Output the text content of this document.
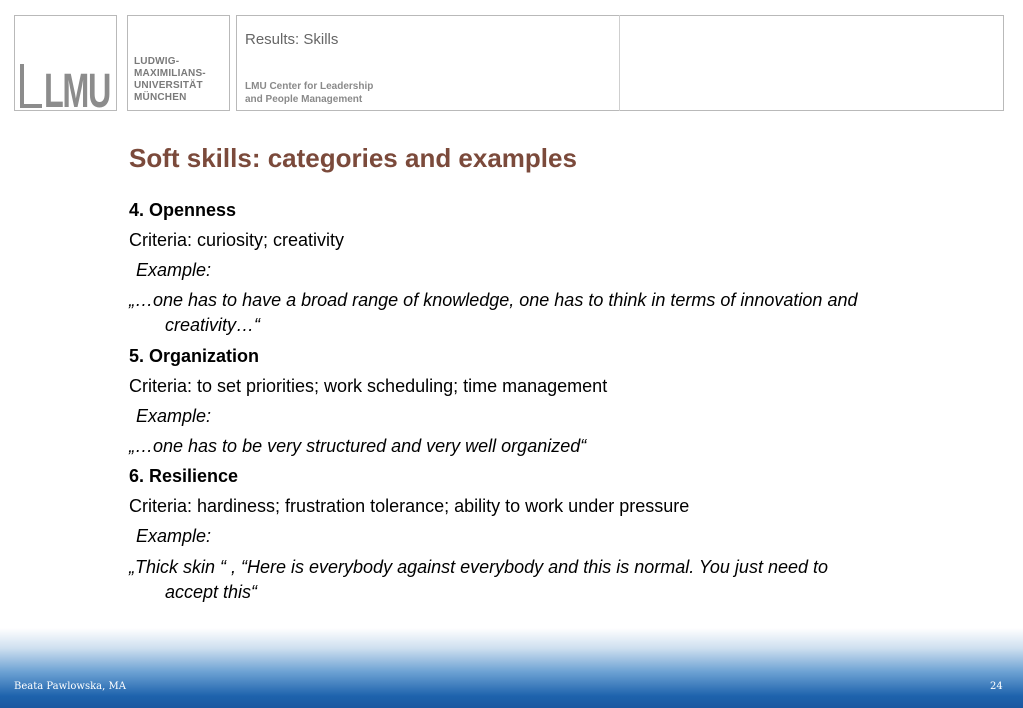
LMU
LUDWIG-
MAXIMILIANS-
UNIVERSITÄT
MÜNCHEN
Results: Skills
LMU Center for Leadership
and People Management
Soft skills: categories and examples
4. Openness
Criteria: curiosity; creativity
Example:
„…one has to have a broad range of knowledge, one has to think in terms of innovation and
creativity…“
5. Organization
Criteria: to set priorities; work scheduling; time management
Example:
„…one has to be very structured and very well organized“
6. Resilience
Criteria: hardiness; frustration tolerance; ability to work under pressure
Example:
„Thick skin “ , “Here is everybody against everybody and this is normal. You just need to
accept this“
Beata Pawlowska, MA	24
